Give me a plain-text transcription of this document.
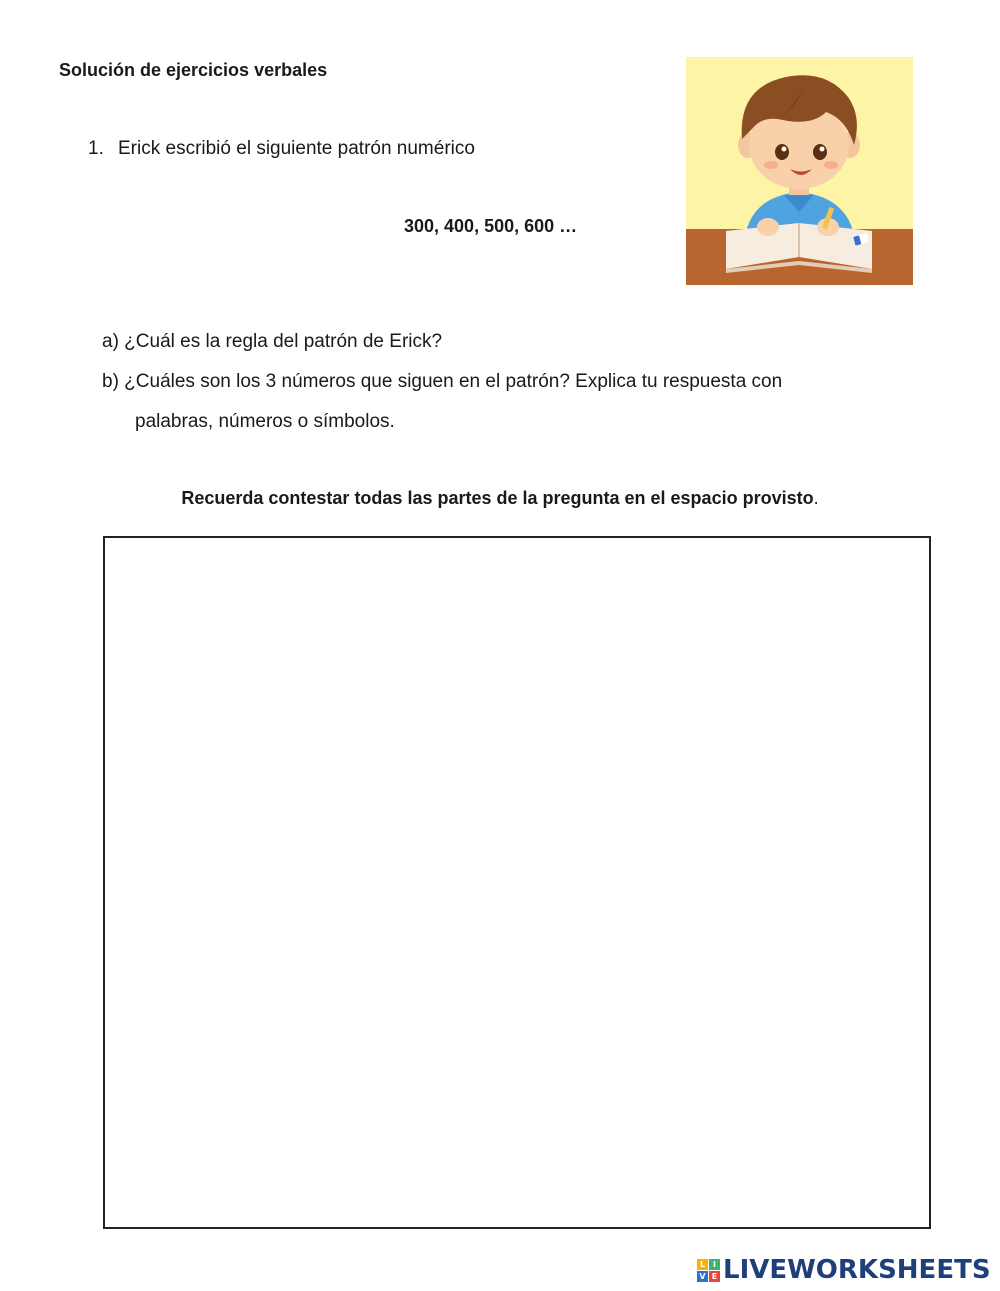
Solución de ejercicios verbales
1. Erick escribió el siguiente patrón numérico
300, 400, 500, 600 …
a) ¿Cuál es la regla del patrón de Erick?
b) ¿Cuáles son los 3 números que siguen en el patrón? Explica tu respuesta con
palabras, números o símbolos.
Recuerda contestar todas las partes de la pregunta en el espacio provisto.
L I
V E LIVEWORKSHEETS
